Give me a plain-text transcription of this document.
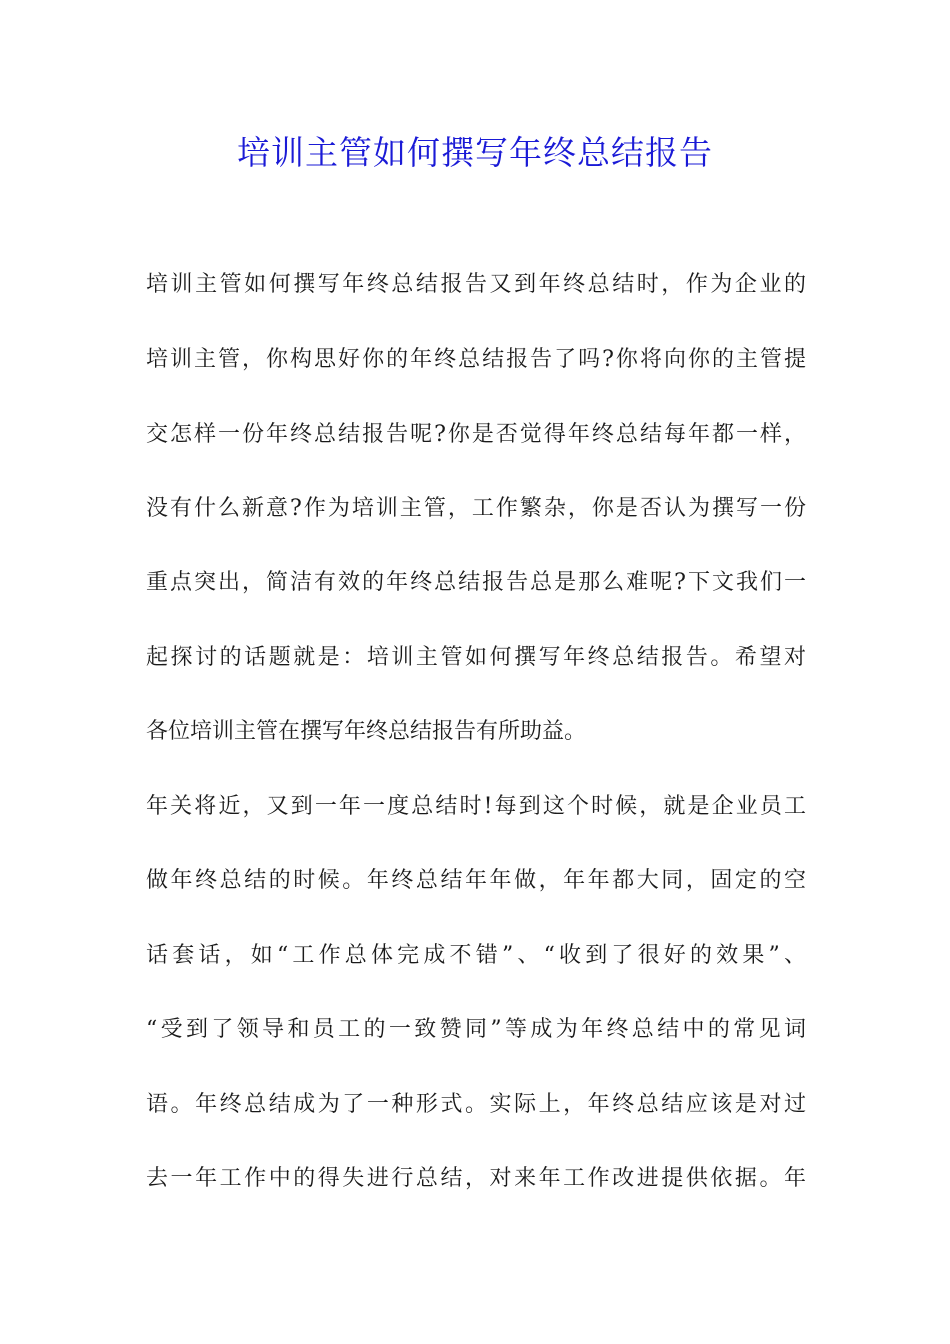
培训主管如何撰写年终总结报告
培训主管如何撰写年终总结报告又到年终总结时，作为企业的
培训主管，你构思好你的年终总结报告了吗?你将向你的主管提
交怎样一份年终总结报告呢?你是否觉得年终总结每年都一样，
没有什么新意?作为培训主管，工作繁杂，你是否认为撰写一份
重点突出，简洁有效的年终总结报告总是那么难呢?下文我们一
起探讨的话题就是：培训主管如何撰写年终总结报告。希望对
各位培训主管在撰写年终总结报告有所助益。
年关将近，又到一年一度总结时!每到这个时候，就是企业员工
做年终总结的时候。年终总结年年做，年年都大同，固定的空
话套话，如“工作总体完成不错”、“收到了很好的效果”、
“受到了领导和员工的一致赞同”等成为年终总结中的常见词
语。年终总结成为了一种形式。实际上，年终总结应该是对过
去一年工作中的得失进行总结，对来年工作改进提供依据。年
